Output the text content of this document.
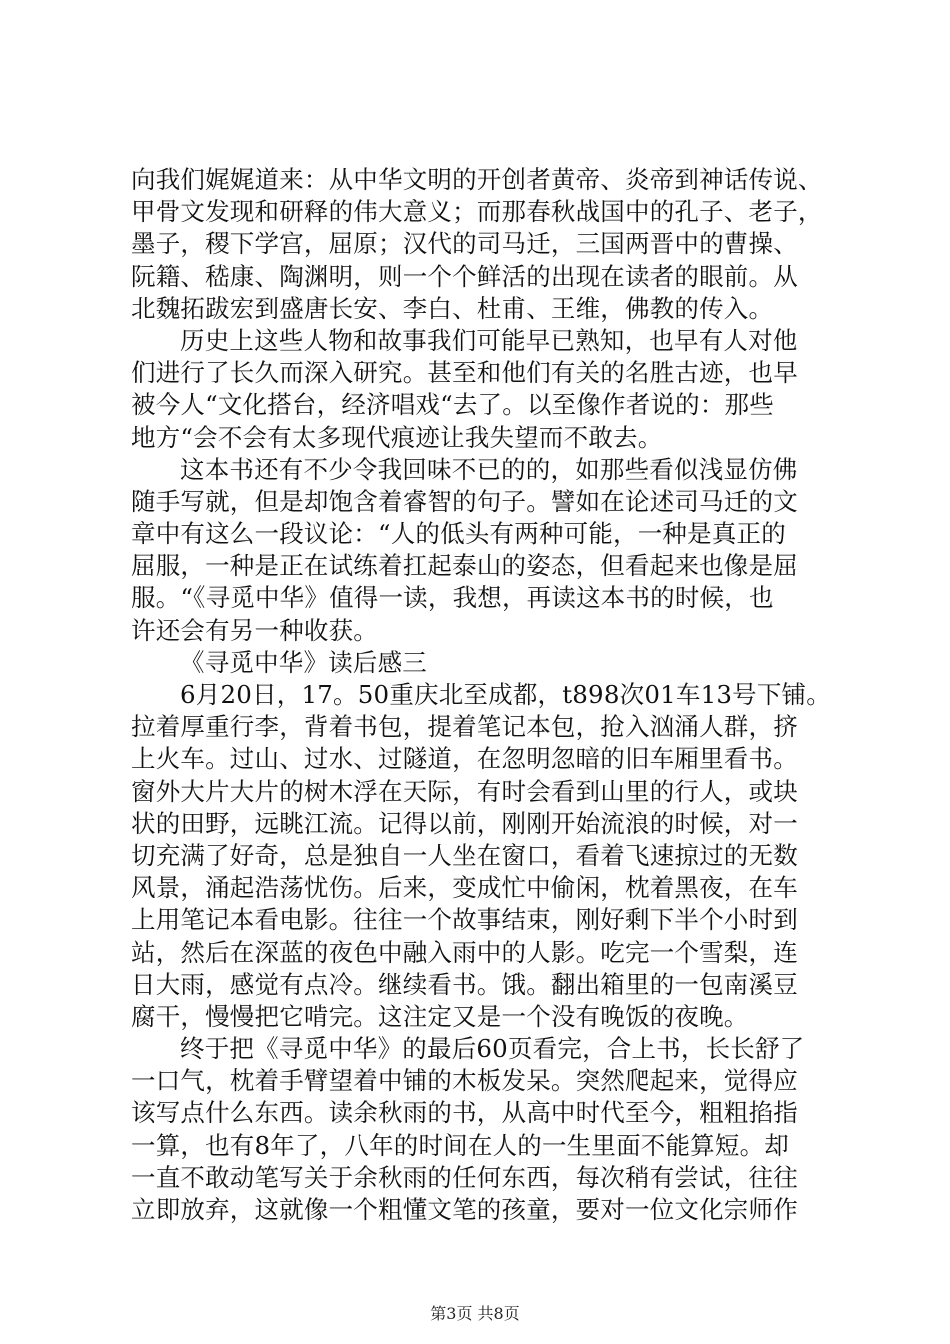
向我们娓娓道来：从中华文明的开创者黄帝、炎帝到神话传说、
甲骨文发现和研释的伟大意义；而那春秋战国中的孔子、老子，
墨子，稷下学宫，屈原；汉代的司马迁，三国两晋中的曹操、
阮籍、嵇康、陶渊明，则一个个鲜活的出现在读者的眼前。从
北魏拓跋宏到盛唐长安、李白、杜甫、王维，佛教的传入。
历史上这些人物和故事我们可能早已熟知，也早有人对他
们进行了长久而深入研究。甚至和他们有关的名胜古迹，也早
被今人“文化搭台，经济唱戏“去了。以至像作者说的：那些
地方“会不会有太多现代痕迹让我失望而不敢去。
这本书还有不少令我回味不已的的，如那些看似浅显仿佛
随手写就，但是却饱含着睿智的句子。譬如在论述司马迁的文
章中有这么一段议论：“人的低头有两种可能，一种是真正的
屈服，一种是正在试练着扛起泰山的姿态，但看起来也像是屈
服。“《寻觅中华》值得一读，我想，再读这本书的时候，也
许还会有另一种收获。
《寻觅中华》读后感三
6月20日，17。50重庆北至成都，t898次01车13号下铺。
拉着厚重行李，背着书包，提着笔记本包，抢入汹涌人群，挤
上火车。过山、过水、过隧道，在忽明忽暗的旧车厢里看书。
窗外大片大片的树木浮在天际，有时会看到山里的行人，或块
状的田野，远眺江流。记得以前，刚刚开始流浪的时候，对一
切充满了好奇，总是独自一人坐在窗口，看着飞速掠过的无数
风景，涌起浩荡忧伤。后来，变成忙中偷闲，枕着黑夜，在车
上用笔记本看电影。往往一个故事结束，刚好剩下半个小时到
站，然后在深蓝的夜色中融入雨中的人影。吃完一个雪梨，连
日大雨，感觉有点冷。继续看书。饿。翻出箱里的一包南溪豆
腐干，慢慢把它啃完。这注定又是一个没有晚饭的夜晚。
终于把《寻觅中华》的最后60页看完，合上书，长长舒了
一口气，枕着手臂望着中铺的木板发呆。突然爬起来，觉得应
该写点什么东西。读余秋雨的书，从高中时代至今，粗粗掐指
一算，也有8年了，八年的时间在人的一生里面不能算短。却
一直不敢动笔写关于余秋雨的任何东西，每次稍有尝试，往往
立即放弃，这就像一个粗懂文笔的孩童，要对一位文化宗师作
第3页 共8页
